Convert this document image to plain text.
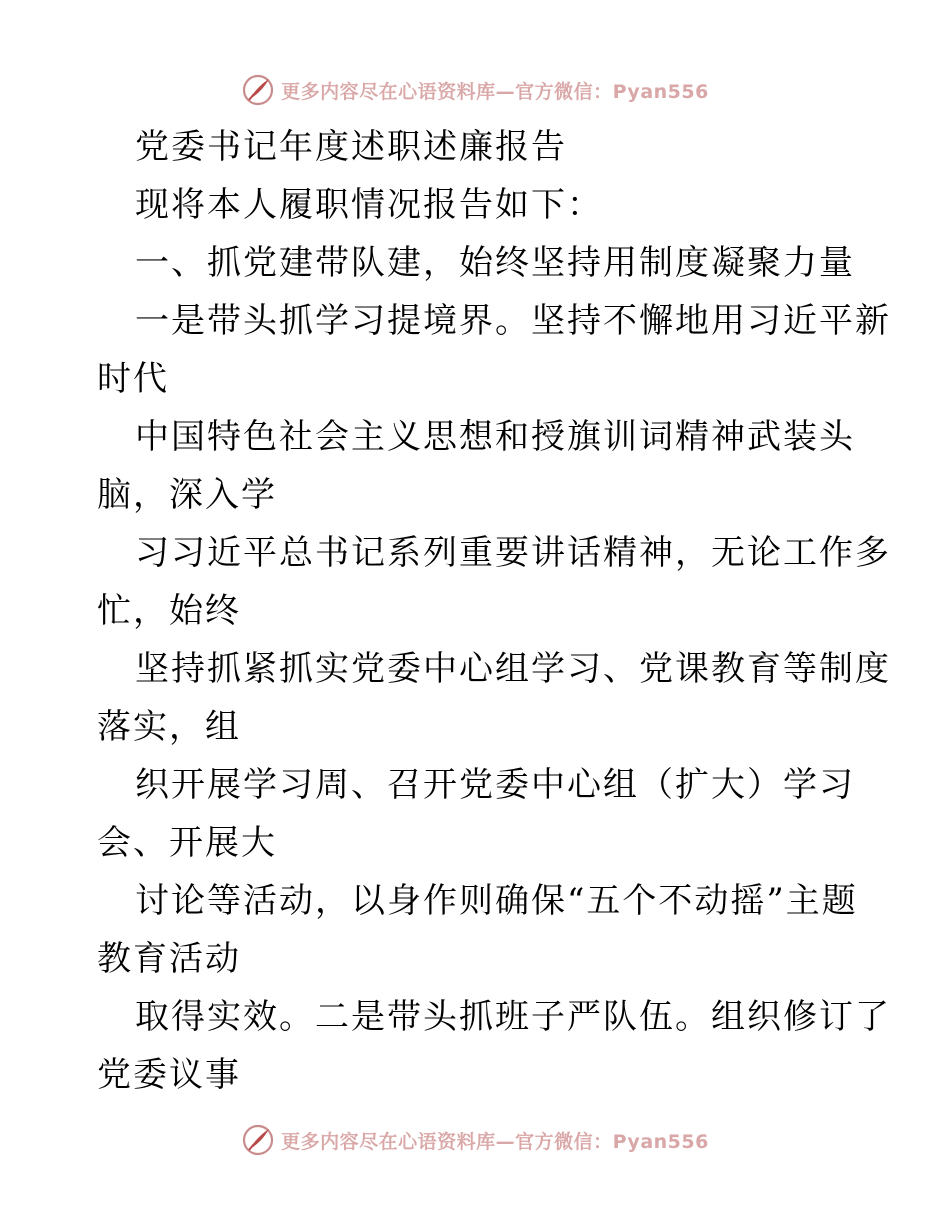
更多内容尽在心语资料库—官方微信：Pyan556
党委书记年度述职述廉报告
现将本人履职情况报告如下：
一、抓党建带队建，始终坚持用制度凝聚力量
一是带头抓学习提境界。坚持不懈地用习近平新
时代
中国特色社会主义思想和授旗训词精神武装头
脑，深入学
习习近平总书记系列重要讲话精神，无论工作多
忙，始终
坚持抓紧抓实党委中心组学习、党课教育等制度
落实，组
织开展学习周、召开党委中心组（扩大）学习
会、开展大
讨论等活动，以身作则确保“五个不动摇”主题
教育活动
取得实效。二是带头抓班子严队伍。组织修订了
党委议事
更多内容尽在心语资料库—官方微信：Pyan556
